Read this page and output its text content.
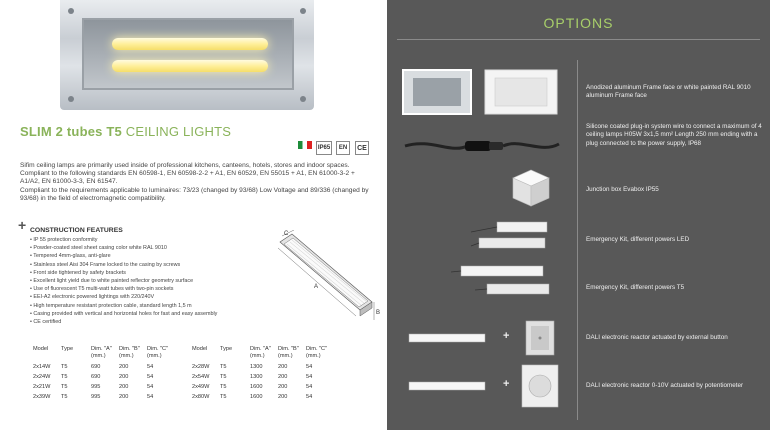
SLIM 2 tubes T5 CEILING LIGHTS
IP65	EN	CE

Sifim ceiling lamps are primarily used inside of professional kitchens, canteens, hotels, stores and indoor spaces.

Compliant to the following standards EN 60598-1, EN 60598-2-2 + A1, EN 60529, EN 55015 + A1, EN 61000-3-2 + A1/A2, EN 61000-3-3, EN 61547.

Compliant to the requirements applicable to luminaires: 73/23 (changed by 93/68) Low Voltage and 89/336 (changed by 93/68) in the field of electromagnetic compatibility.

+ CONSTRUCTION FEATURES
• IP 55 protection conformity
• Powder-coated steel sheet casing color white RAL 9010
• Tempered 4mm-glass, anti-glare
• Stainless steel Aisi 304 Frame locked to the casing by screws
• Front side tightened by safety brackets
• Excellent light yield due to white painted reflector geometry surface
• Use of fluorescent T5 multi-watt tubes with two-pin sockets
• EEI-A2 electronic powered lightings with 220/240V
• High temperature resistant protection cable, standard length 1,5 m
• Casing provided with vertical and horizontal holes for fast and easy assembly
• CE certified
A
B
C
Model	Type	Dim. "A" (mm.)	Dim. "B" (mm.)	Dim. "C" (mm.)
2x14W	T5	690	200	54
2x24W	T5	690	200	54
2x21W	T5	995	200	54
2x39W	T5	995	200	54
Model	Type	Dim. "A" (mm.)	Dim. "B" (mm.)	Dim. "C" (mm.)
2x28W	T5	1300	200	54
2x54W	T5	1300	200	54
2x49W	T5	1600	200	54
2x80W	T5	1600	200	54
OPTIONS

Anodized aluminum Frame face or white painted RAL 9010 aluminum Frame face

Silicone coated plug-in system wire to connect a maximum of 4 ceiling lamps H05W 3x1,5 mm² Length 250 mm ending with a plug connected to the power supply, IP68

Junction box Evabox IP55

Emergency Kit, different powers LED

Emergency Kit, different powers T5

+	DALI electronic reactor actuated by external button

+	DALI electronic reactor 0-10V actuated by potentiometer
